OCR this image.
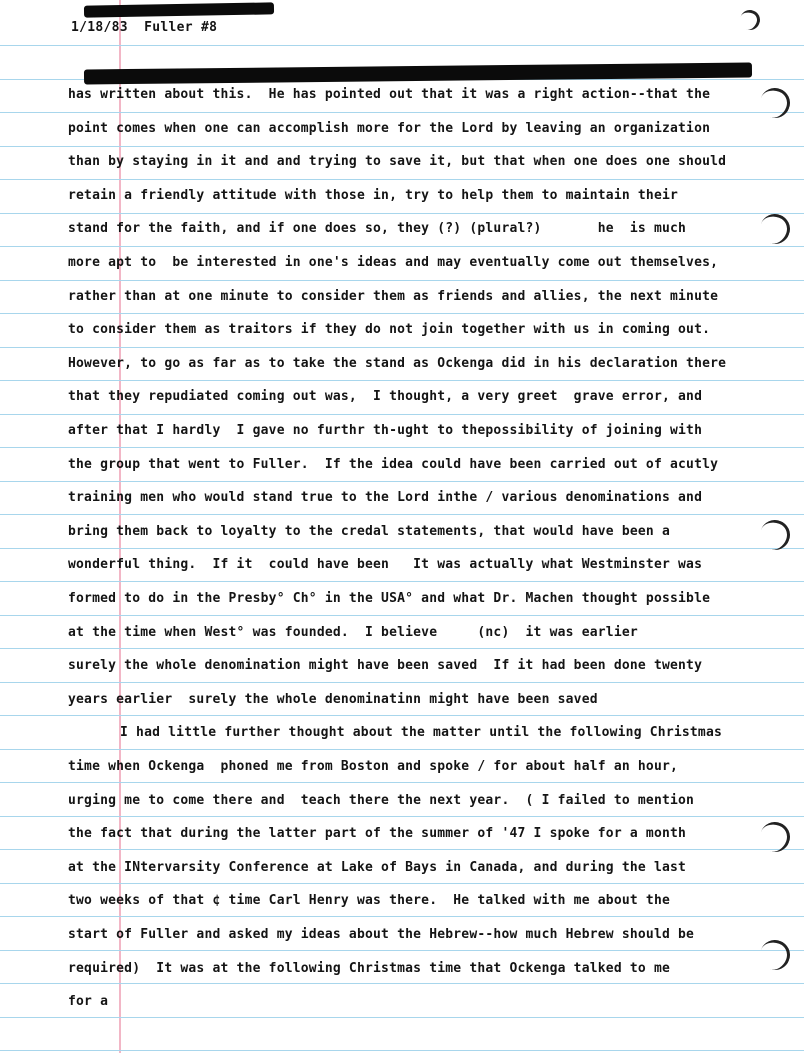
1/18/83  Fuller #8
has written about this.  He has pointed out that it was a right action--that the
point comes when one can accomplish more for the Lord by leaving an organization
than by staying in it and and trying to save it, but that when one does one should
retain a friendly attitude with those in, try to help them to maintain their
stand for the faith, and if one does so, they (?) (plural?)       he  is much
more apt to  be interested in one's ideas and may eventually come out themselves,
rather than at one minute to consider them as friends and allies, the next minute
to consider them as traitors if they do not join together with us in coming out.
However, to go as far as to take the stand as Ockenga did in his declaration there
that they repudiated coming out was,  I thought, a very greet  grave error, and
after that I hardly  I gave no furthr th-ught to thepossibility of joining with
the group that went to Fuller.  If the idea could have been carried out of acutly
training men who would stand true to the Lord inthe / various denominations and
bring them back to loyalty to the credal statements, that would have been a
wonderful thing.  If it  could have been   It was actually what Westminster was
formed to do in the Presby° Ch° in the USA° and what Dr. Machen thought possible
at the time when West° was founded.  I believe     (nc)  it was earlier
surely the whole denomination might have been saved  If it had been done twenty
years earlier  surely the whole denominatinn might have been saved
I had little further thought about the matter until the following Christmas
time when Ockenga  phoned me from Boston and spoke / for about half an hour,
urging me to come there and  teach there the next year.  ( I failed to mention
the fact that during the latter part of the summer of '47 I spoke for a month
at the INtervarsity Conference at Lake of Bays in Canada, and during the last
two weeks of that ¢ time Carl Henry was there.  He talked with me about the
start of Fuller and asked my ideas about the Hebrew--how much Hebrew should be
required)  It was at the following Christmas time that Ockenga talked to me
for a
